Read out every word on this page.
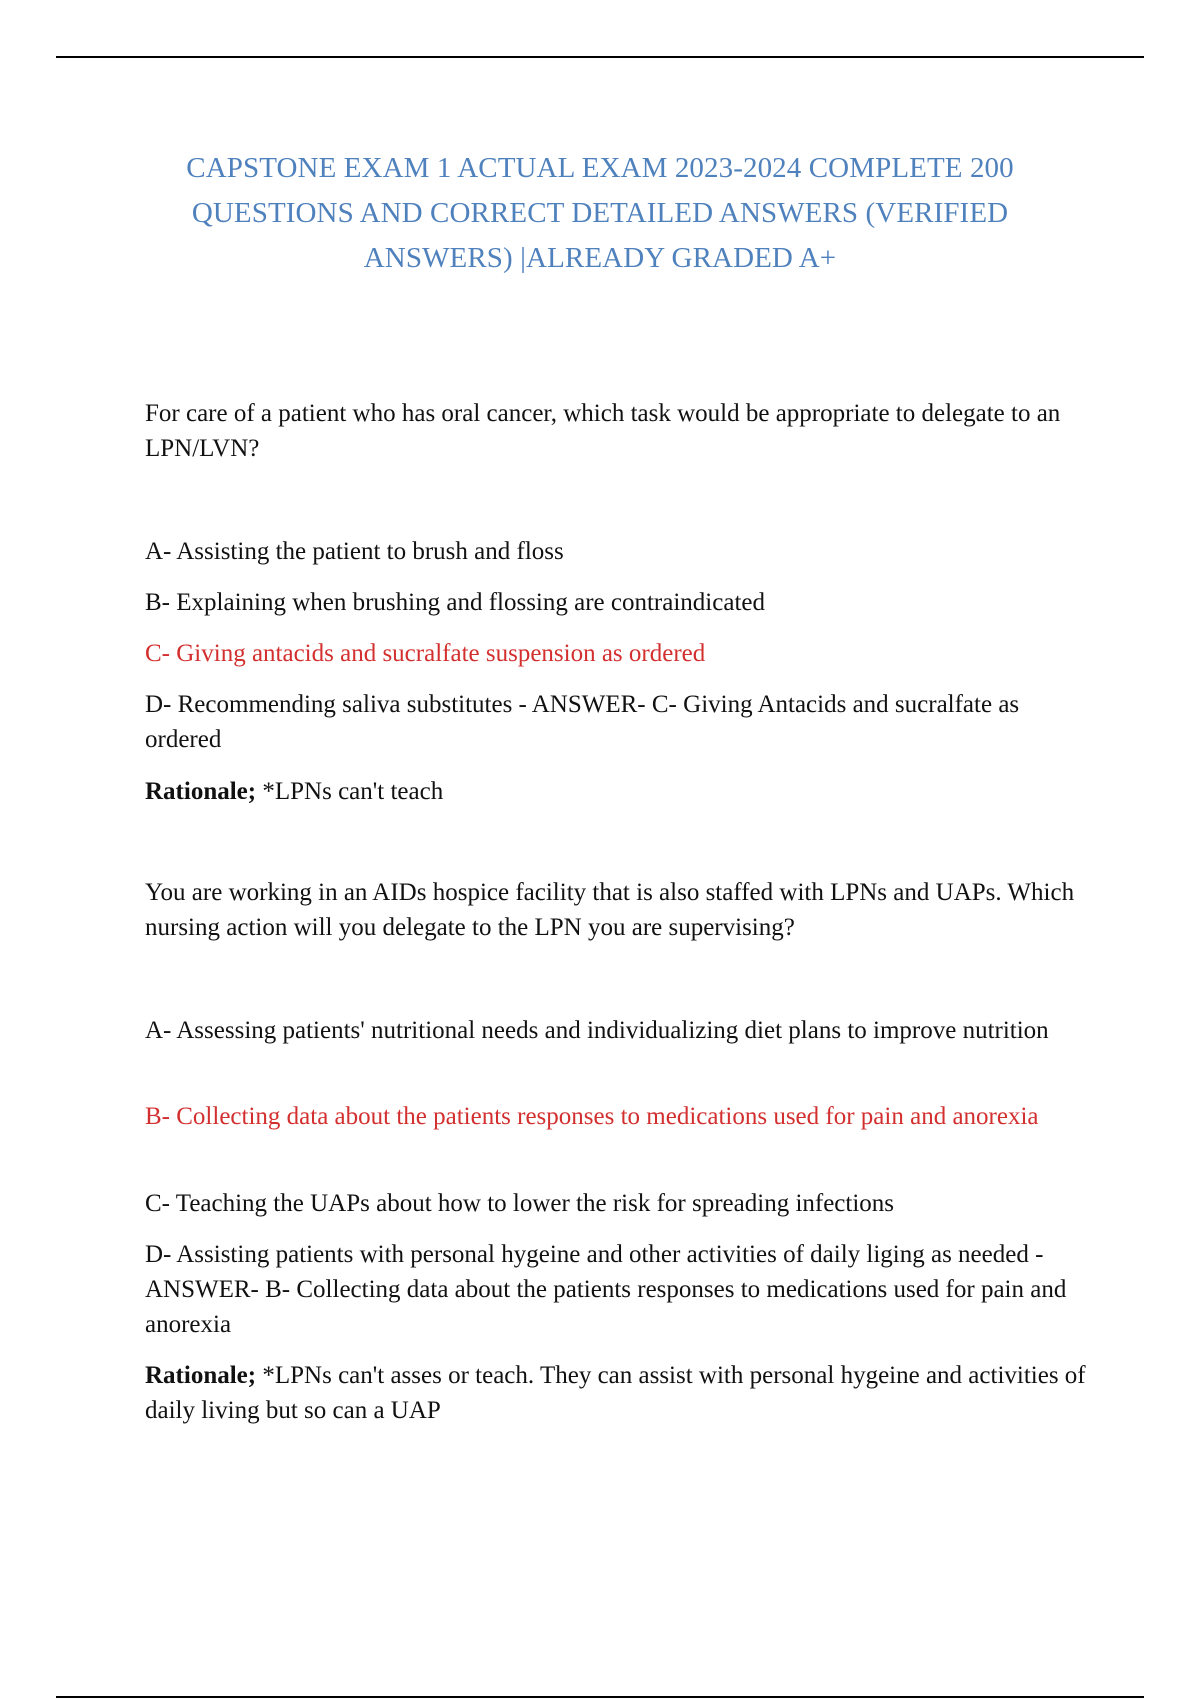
CAPSTONE EXAM 1 ACTUAL EXAM 2023-2024 COMPLETE 200 QUESTIONS AND CORRECT DETAILED ANSWERS (VERIFIED ANSWERS) |ALREADY GRADED A+

For care of a patient who has oral cancer, which task would be appropriate to delegate to an LPN/LVN?

A- Assisting the patient to brush and floss

B- Explaining when brushing and flossing are contraindicated

C- Giving antacids and sucralfate suspension as ordered

D- Recommending saliva substitutes - ANSWER- C- Giving Antacids and sucralfate as ordered

Rationale; *LPNs can't teach

You are working in an AIDs hospice facility that is also staffed with LPNs and UAPs. Which nursing action will you delegate to the LPN you are supervising?

A- Assessing patients' nutritional needs and individualizing diet plans to improve nutrition

B- Collecting data about the patients responses to medications used for pain and anorexia

C- Teaching the UAPs about how to lower the risk for spreading infections

D- Assisting patients with personal hygeine and other activities of daily liging as needed - ANSWER- B- Collecting data about the patients responses to medications used for pain and anorexia

Rationale; *LPNs can't asses or teach. They can assist with personal hygeine and activities of daily living but so can a UAP
